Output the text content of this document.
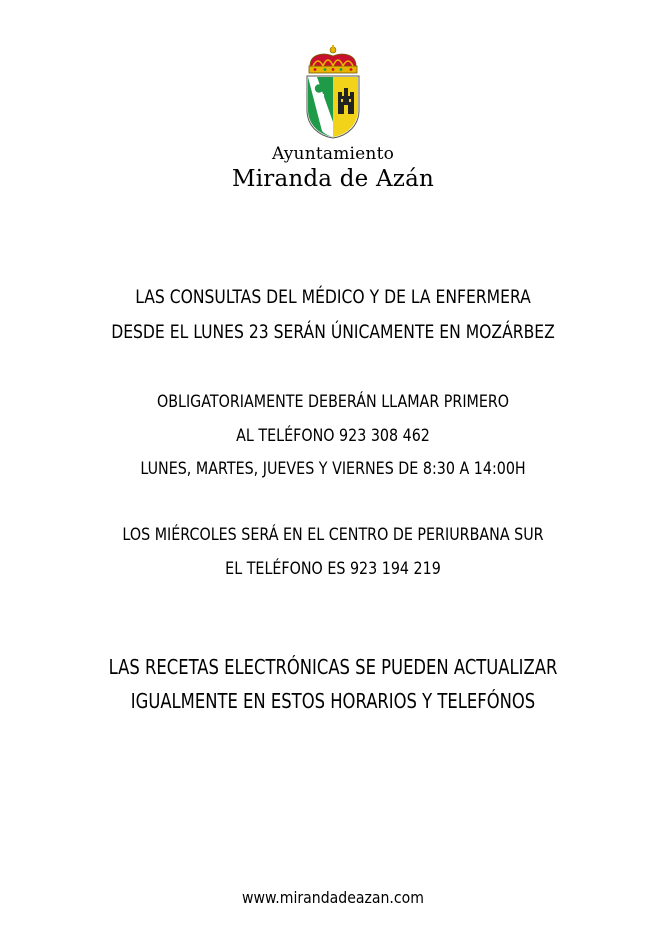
Ayuntamiento
Miranda de Azán
LAS CONSULTAS DEL MÉDICO Y DE LA ENFERMERA
DESDE EL LUNES 23 SERÁN ÚNICAMENTE EN MOZÁRBEZ
OBLIGATORIAMENTE DEBERÁN LLAMAR PRIMERO
AL TELÉFONO 923 308 462
LUNES, MARTES, JUEVES Y VIERNES DE 8:30 A 14:00H
LOS MIÉRCOLES SERÁ EN EL CENTRO DE PERIURBANA SUR
EL TELÉFONO ES 923 194 219
LAS RECETAS ELECTRÓNICAS SE PUEDEN ACTUALIZAR
IGUALMENTE EN ESTOS HORARIOS Y TELEFÓNOS
www.mirandadeazan.com
